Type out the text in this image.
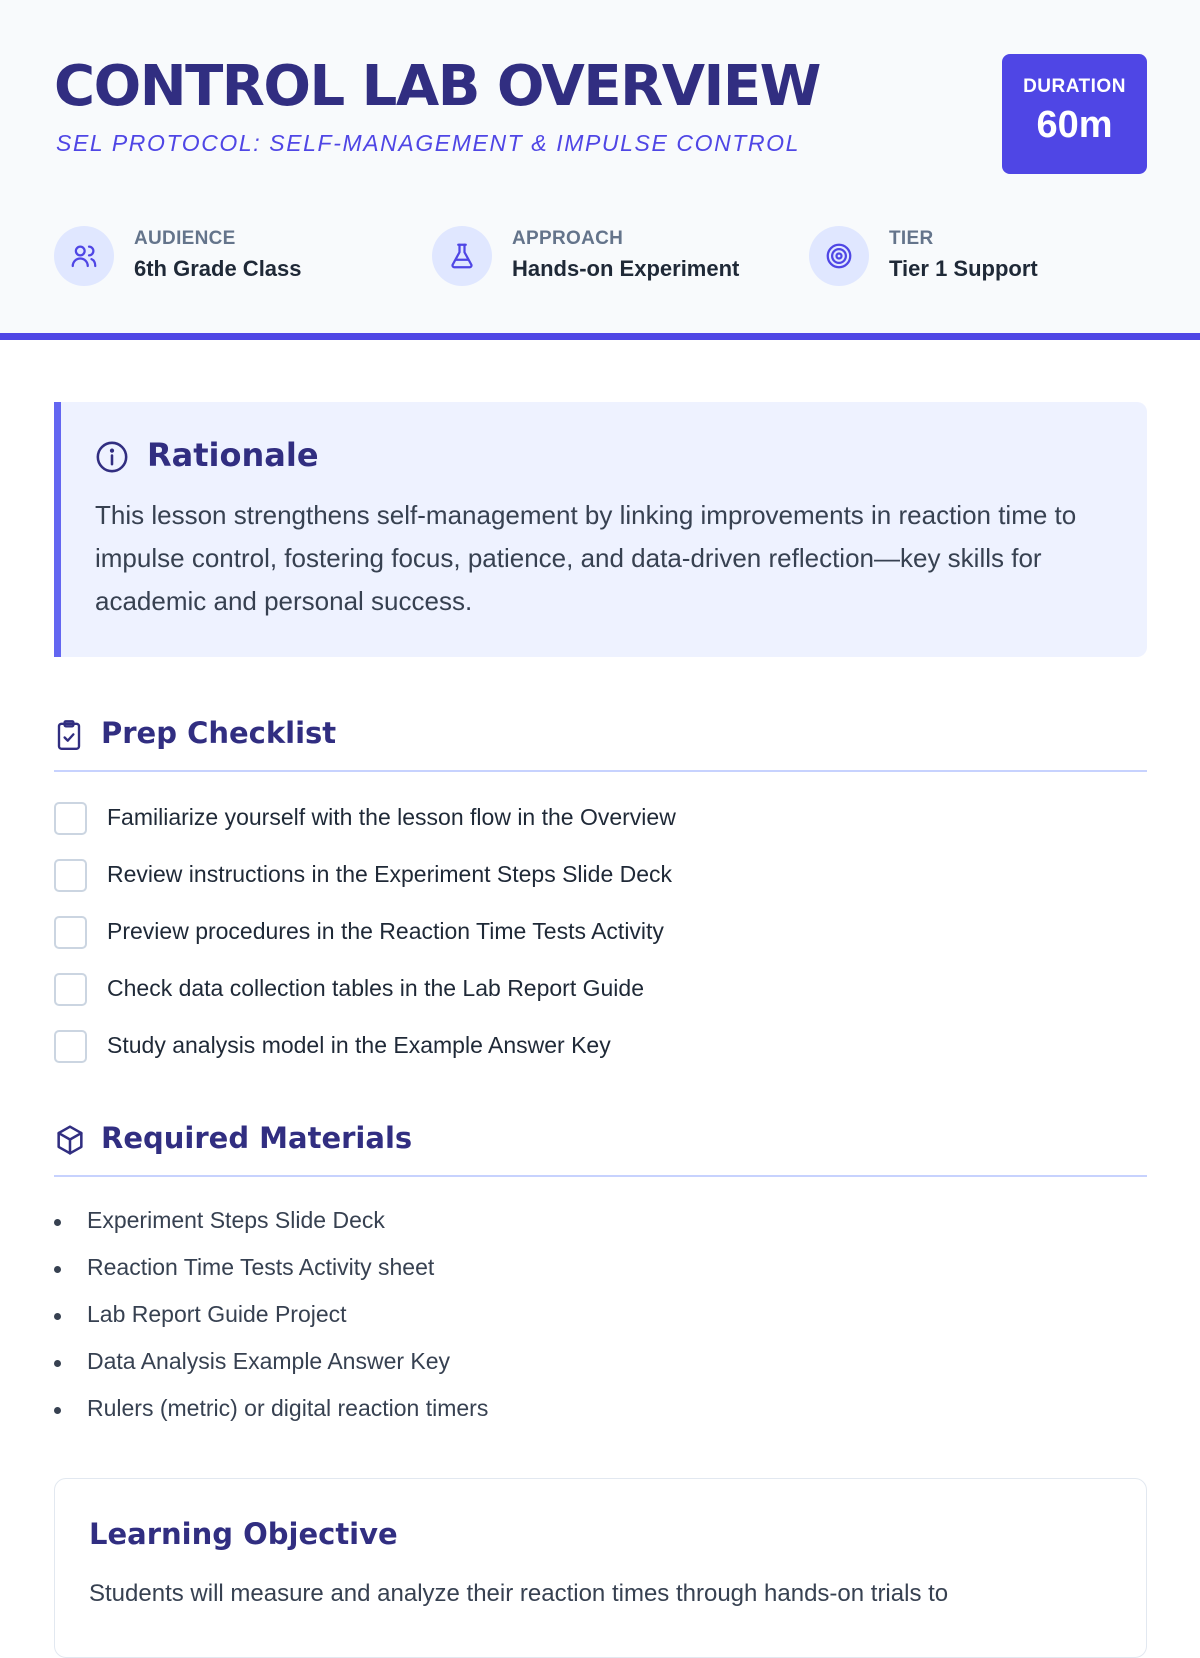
CONTROL LAB OVERVIEW
SEL PROTOCOL: SELF-MANAGEMENT & IMPULSE CONTROL
DURATION
60m
AUDIENCE
6th Grade Class
APPROACH
Hands-on Experiment
TIER
Tier 1 Support
Rationale
This lesson strengthens self-management by linking improvements in reaction time to impulse control, fostering focus, patience, and data-driven reflection—key skills for academic and personal success.
Prep Checklist
Familiarize yourself with the lesson flow in the Overview
Review instructions in the Experiment Steps Slide Deck
Preview procedures in the Reaction Time Tests Activity
Check data collection tables in the Lab Report Guide
Study analysis model in the Example Answer Key
Required Materials
Experiment Steps Slide Deck
Reaction Time Tests Activity sheet
Lab Report Guide Project
Data Analysis Example Answer Key
Rulers (metric) or digital reaction timers
Learning Objective
Students will measure and analyze their reaction times through hands-on trials to
